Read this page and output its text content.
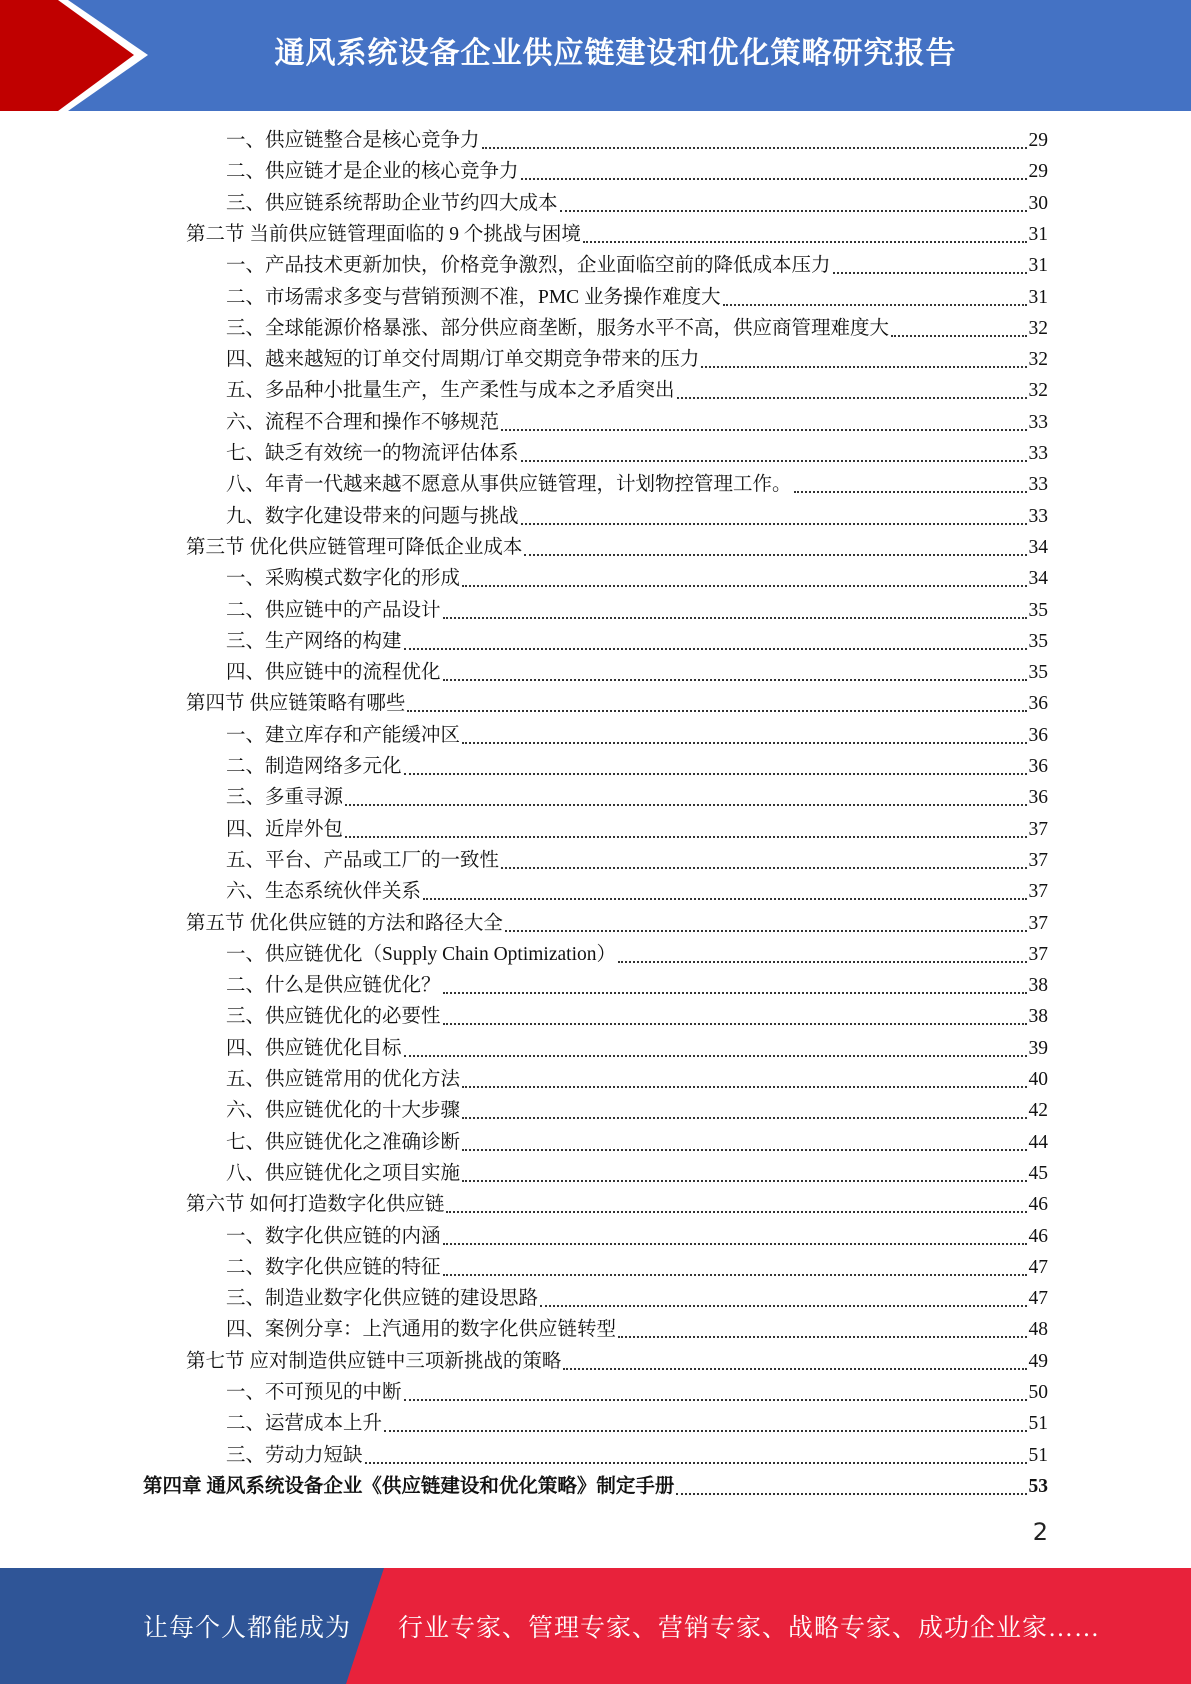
通风系统设备企业供应链建设和优化策略研究报告
一、供应链整合是核心竞争力	29
二、供应链才是企业的核心竞争力	29
三、供应链系统帮助企业节约四大成本	30
第二节 当前供应链管理面临的 9 个挑战与困境	31
一、产品技术更新加快，价格竞争激烈，企业面临空前的降低成本压力	31
二、市场需求多变与营销预测不准，PMC 业务操作难度大	31
三、全球能源价格暴涨、部分供应商垄断，服务水平不高，供应商管理难度大	32
四、越来越短的订单交付周期/订单交期竞争带来的压力	32
五、多品种小批量生产，生产柔性与成本之矛盾突出	32
六、流程不合理和操作不够规范	33
七、缺乏有效统一的物流评估体系	33
八、年青一代越来越不愿意从事供应链管理，计划物控管理工作。	33
九、数字化建设带来的问题与挑战	33
第三节 优化供应链管理可降低企业成本	34
一、采购模式数字化的形成	34
二、供应链中的产品设计	35
三、生产网络的构建	35
四、供应链中的流程优化	35
第四节 供应链策略有哪些	36
一、建立库存和产能缓冲区	36
二、制造网络多元化	36
三、多重寻源	36
四、近岸外包	37
五、平台、产品或工厂的一致性	37
六、生态系统伙伴关系	37
第五节 优化供应链的方法和路径大全	37
一、供应链优化（Supply Chain Optimization）	37
二、什么是供应链优化？	38
三、供应链优化的必要性	38
四、供应链优化目标	39
五、供应链常用的优化方法	40
六、供应链优化的十大步骤	42
七、供应链优化之准确诊断	44
八、供应链优化之项目实施	45
第六节 如何打造数字化供应链	46
一、数字化供应链的内涵	46
二、数字化供应链的特征	47
三、制造业数字化供应链的建设思路	47
四、案例分享：上汽通用的数字化供应链转型	48
第七节 应对制造供应链中三项新挑战的策略	49
一、不可预见的中断	50
二、运营成本上升	51
三、劳动力短缺	51
第四章 通风系统设备企业《供应链建设和优化策略》制定手册	53
2
让每个人都能成为 行业专家、管理专家、营销专家、战略专家、成功企业家……
